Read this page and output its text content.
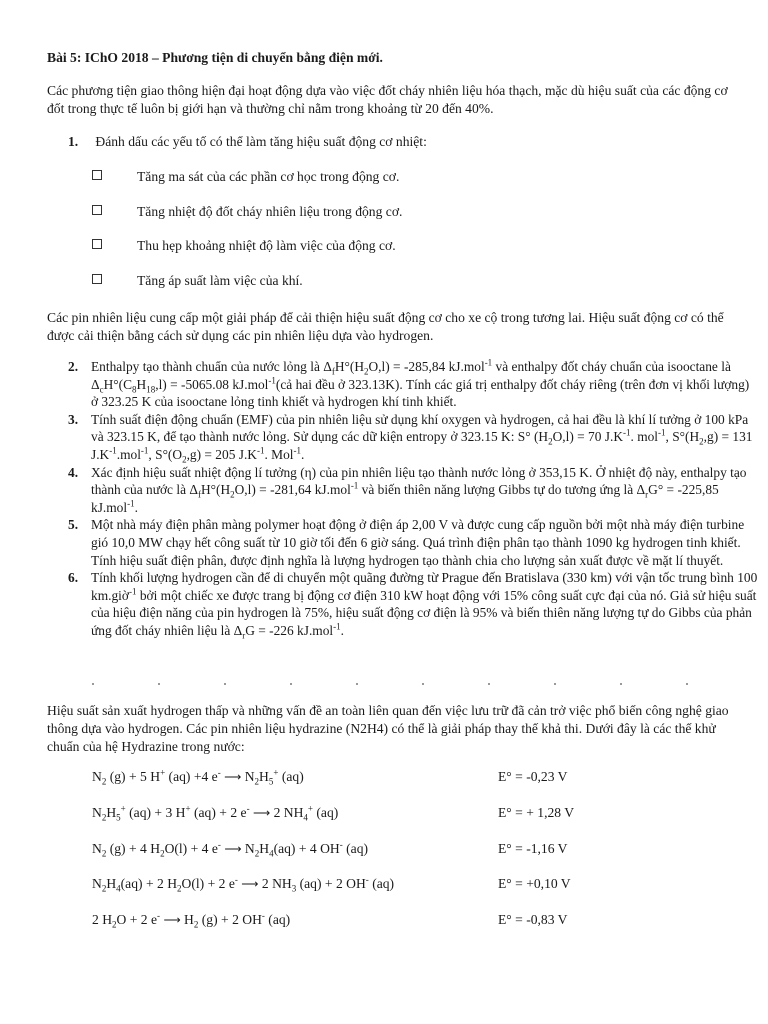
Bài 5: IChO 2018 – Phương tiện di chuyển bằng điện mới.
Các phương tiện giao thông hiện đại hoạt động dựa vào việc đốt cháy nhiên liệu hóa thạch, mặc dù hiệu suất của các động cơ đốt trong thực tế luôn bị giới hạn và thường chỉ nằm trong khoảng từ 20 đến 40%.
1. Đánh dấu các yếu tố có thể làm tăng hiệu suất động cơ nhiệt:
Tăng ma sát của các phần cơ học trong động cơ.
Tăng nhiệt độ đốt cháy nhiên liệu trong động cơ.
Thu hẹp khoảng nhiệt độ làm việc của động cơ.
Tăng áp suất làm việc của khí.
Các pin nhiên liệu cung cấp một giải pháp để cải thiện hiệu suất động cơ cho xe cộ trong tương lai. Hiệu suất động cơ có thể được cải thiện bằng cách sử dụng các pin nhiên liệu dựa vào hydrogen.
2. Enthalpy tạo thành chuẩn của nước lỏng là $\Delta_fH^\circ(H_2O,l) = -285,84$ kJ.mol$^{-1}$ và enthalpy đốt cháy chuẩn của isooctane là $\Delta_cH^\circ(C_8H_{18},l) = -5065.08$ kJ.mol$^{-1}$(cả hai đều ở 323.13K). Tính các giá trị enthalpy đốt cháy riêng (trên đơn vị khối lượng) ở 323.25 K của isooctane lỏng tinh khiết và hydrogen khí tinh khiết.
3. Tính suất điện động chuẩn (EMF) của pin nhiên liệu sử dụng khí oxygen và hydrogen, cả hai đều là khí lí tưởng ở 100 kPa và 323.15 K, để tạo thành nước lỏng. Sử dụng các dữ kiện entropy ở 323.15 K: S° $(H_2O,l) = 70$ $J.K^{-1}$. mol$^{-1}$, $S^\circ(H_2,g) = 131$ $J.K^{-1}.mol^{-1}$, $S^\circ(O_2,g) = 205$ $J.K^{-1}$. Mol$^{-1}$.
4. Xác định hiệu suất nhiệt động lí tưởng (η) của pin nhiên liệu tạo thành nước lỏng ở 353,15 K. Ở nhiệt độ này, enthalpy tạo thành của nước là $\Delta_fH^\circ(H_2O,l) = -281,64$ kJ.mol$^{-1}$ và biến thiên năng lượng Gibbs tự do tương ứng là $\Delta_rG^\circ = -225,85$ kJ.mol$^{-1}$.
5. Một nhà máy điện phân màng polymer hoạt động ở điện áp 2,00 V và được cung cấp nguồn bởi một nhà máy điện turbine gió 10,0 MW chạy hết công suất từ 10 giờ tối đến 6 giờ sáng. Quá trình điện phân tạo thành 1090 kg hydrogen tinh khiết. Tính hiệu suất điện phân, được định nghĩa là lượng hydrogen tạo thành chia cho lượng sản xuất được về mặt lí thuyết.
6. Tính khối lượng hydrogen cần để di chuyển một quãng đường từ Prague đến Bratislava (330 km) với vận tốc trung bình 100 km.giờ$^{-1}$ bởi một chiếc xe được trang bị động cơ điện 310 kW hoạt động với 15% công suất cực đại của nó. Giả sử hiệu suất của hiệu điện năng của pin hydrogen là 75%, hiệu suất động cơ điện là 95% và biến thiên năng lượng tự do Gibbs của phản ứng đốt cháy nhiên liệu là $\Delta_rG = -226$ kJ.mol$^{-1}$.
Hiệu suất sản xuất hydrogen thấp và những vấn đề an toàn liên quan đến việc lưu trữ đã cản trở việc phổ biến công nghệ giao thông dựa vào hydrogen. Các pin nhiên liệu hydrazine (N2H4) có thể là giải pháp thay thế khả thi. Dưới đây là các thế khử chuẩn của hệ Hydrazine trong nước:
$N_2$ (g) + 5 H+ (aq) +4 e- ⟶ $N_2H_5^+$ (aq)	E° = -0,23 V
$N_2H_5^+$ (aq) + 3 H+ (aq) + 2 e- ⟶ 2 $NH_4^+$ (aq)	E° = + 1,28 V
$N_2$ (g) + 4 $H_2O(l) + 4$ e- ⟶ $N_2H_4(aq) + 4$ OH- (aq)	E° = -1,16 V
$N_2H_4(aq) + 2$ $H_2O(l) + 2$ e- ⟶ 2 $NH_3$ (aq) + 2 OH- (aq)	E° = +0,10 V
2 $H_2O + 2$ e- ⟶ $H_2$ (g) + 2 OH- (aq)	E° = -0,83 V
